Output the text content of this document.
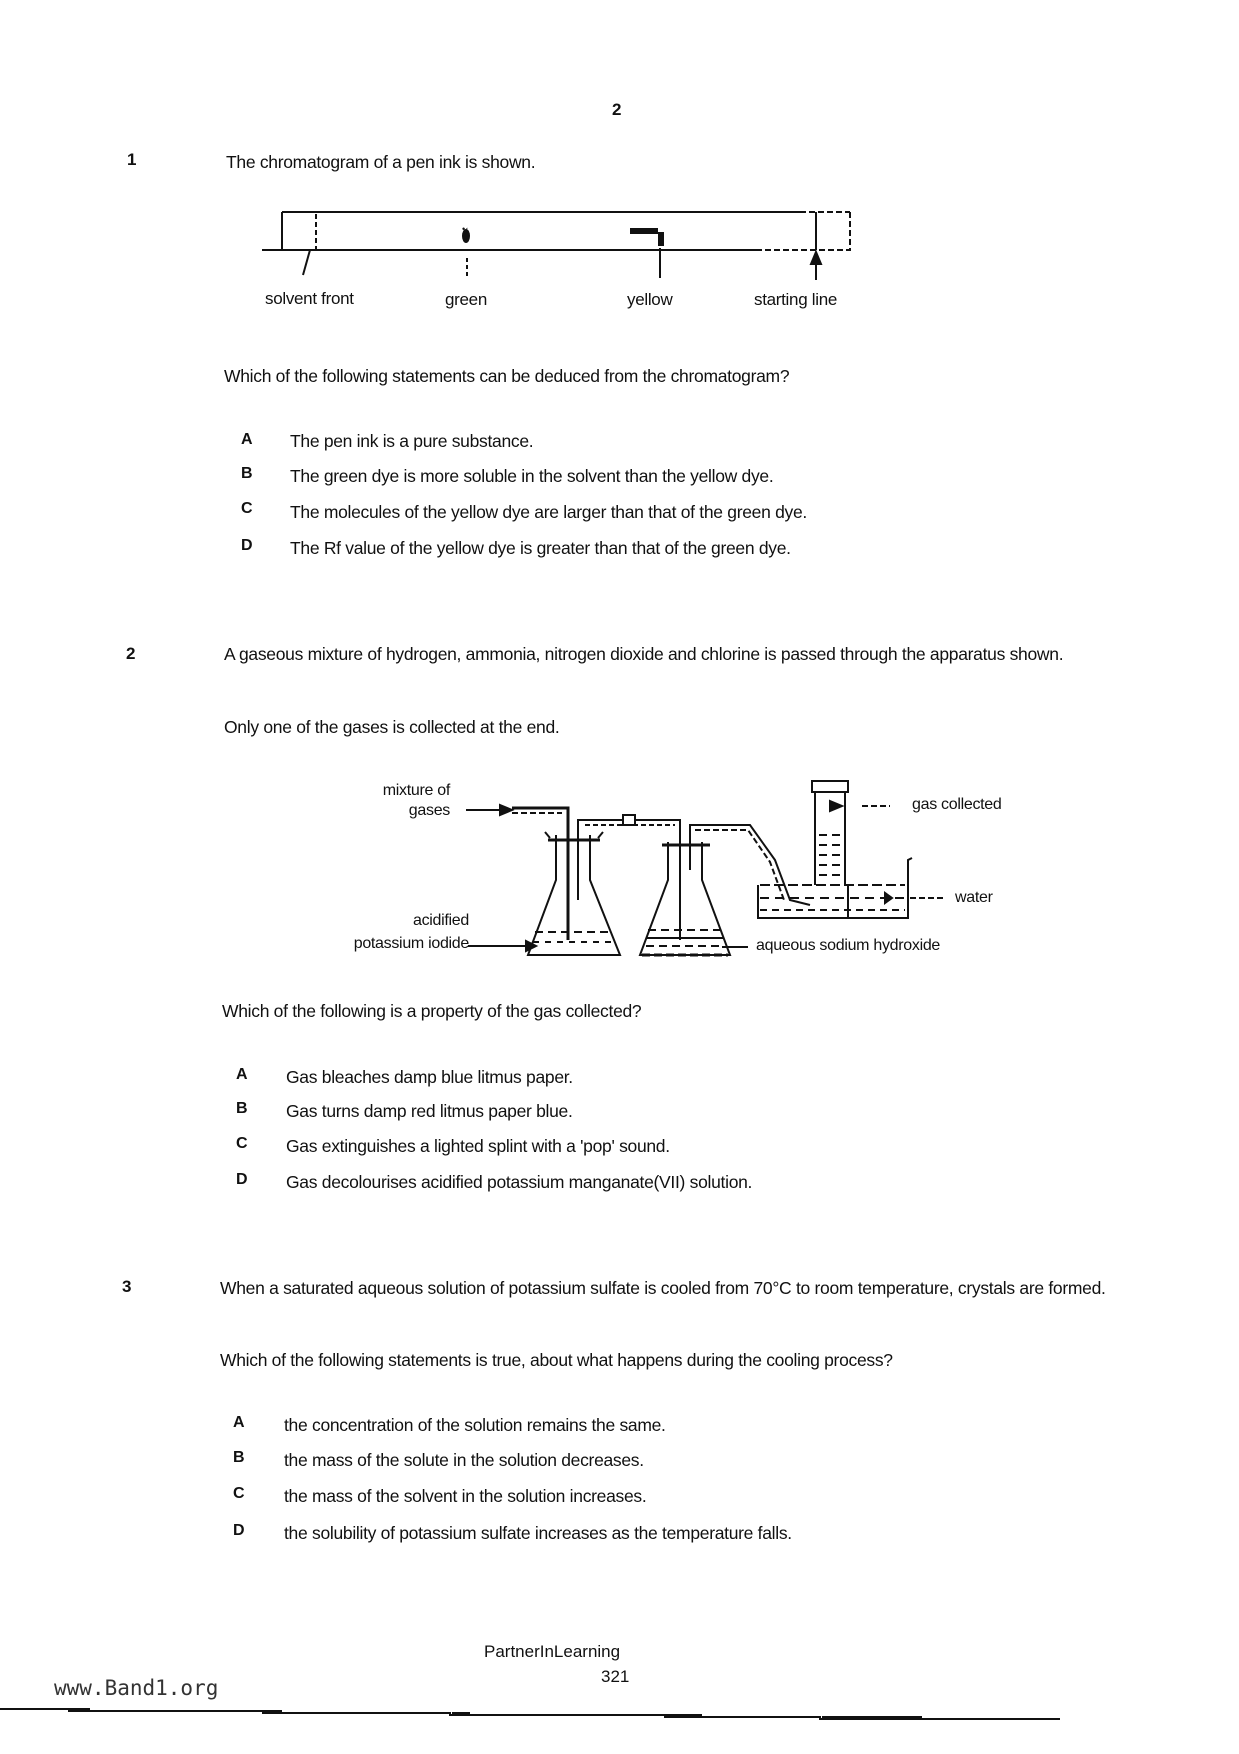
2
1	The chromatogram of a pen ink is shown.
•‹
solvent front	green	yellow	starting line
Which of the following statements can be deduced from the chromatogram?
A The pen ink is a pure substance.
B The green dye is more soluble in the solvent than the yellow dye.
C The molecules of the yellow dye are larger than that of the green dye.
D The Rf value of the yellow dye is greater than that of the green dye.
2	A gaseous mixture of hydrogen, ammonia, nitrogen dioxide and chlorine is passed through the apparatus shown.
Only one of the gases is collected at the end.
mixture of
gases	gas collected
water
acidified
potassium iodide	aqueous sodium hydroxide
Which of the following is a property of the gas collected?
A Gas bleaches damp blue litmus paper.
B Gas turns damp red litmus paper blue.
C Gas extinguishes a lighted splint with a 'pop' sound.
D Gas decolourises acidified potassium manganate(VII) solution.
3	When a saturated aqueous solution of potassium sulfate is cooled from 70°C to room temperature, crystals are formed.
Which of the following statements is true, about what happens during the cooling process?
A the concentration of the solution remains the same.
B the mass of the solute in the solution decreases.
C the mass of the solvent in the solution increases.
D the solubility of potassium sulfate increases as the temperature falls.
PartnerInLearning
321
www.Band1.org
